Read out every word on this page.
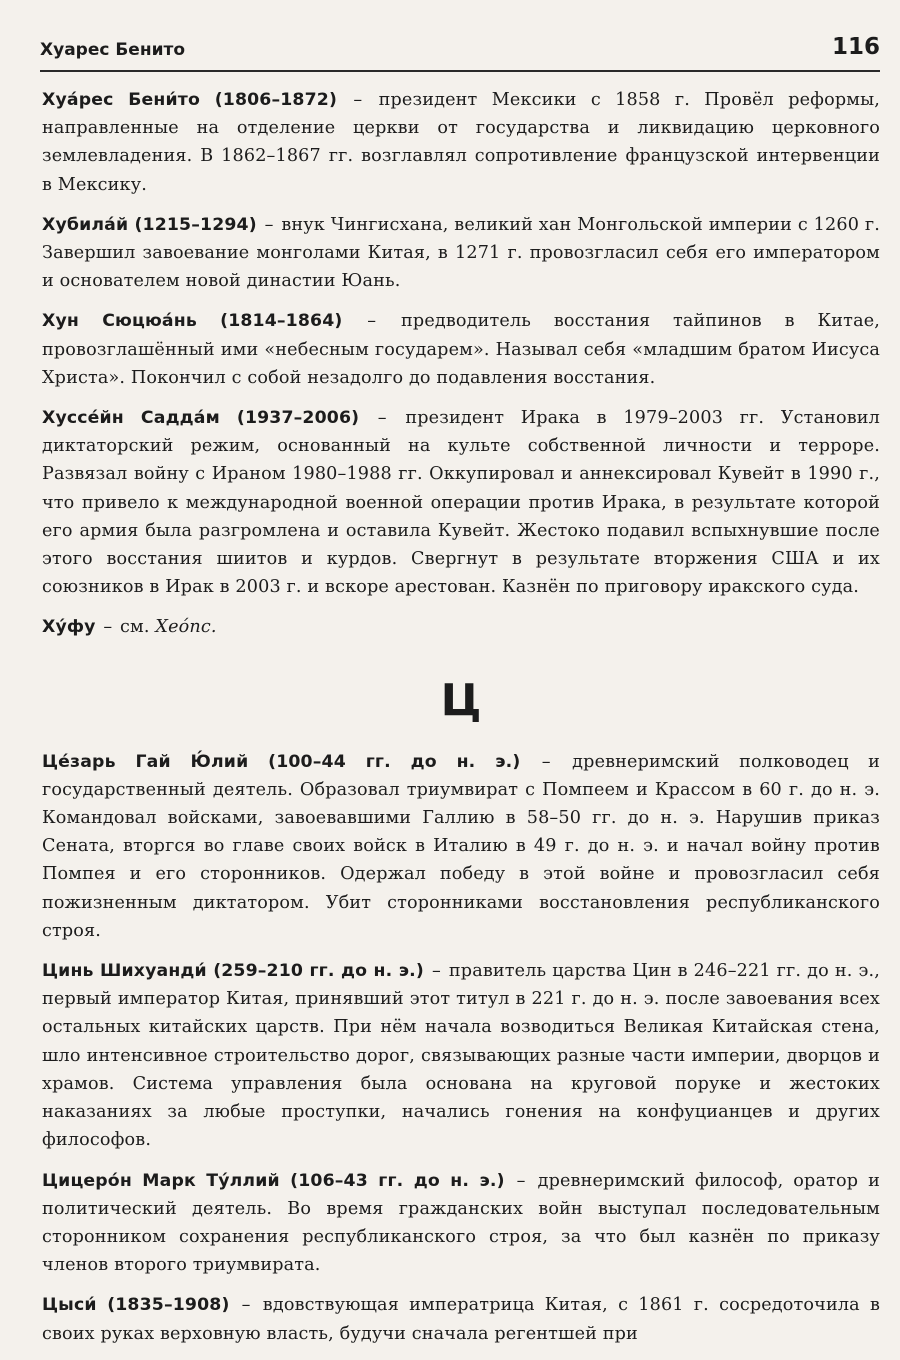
Хуарес Бенито	116

Хуа́рес Бени́то (1806–1872) – президент Мексики с 1858 г. Провёл реформы, направленные на отделение церкви от государства и ликвидацию церковного землевладения. В 1862–1867 гг. возглавлял сопротивление французской интервенции в Мексику.

Хубила́й (1215–1294) – внук Чингисхана, великий хан Монгольской империи с 1260 г. Завершил завоевание монголами Китая, в 1271 г. провозгласил себя его императором и основателем новой династии Юань.

Хун Сюцюа́нь (1814–1864) – предводитель восстания тайпинов в Китае, провозглашённый ими «небесным государем». Называл себя «младшим братом Иисуса Христа». Покончил с собой незадолго до подавления восстания.

Хуссе́йн Садда́м (1937–2006) – президент Ирака в 1979–2003 гг. Установил диктаторский режим, основанный на культе собственной личности и терроре. Развязал войну с Ираном 1980–1988 гг. Оккупировал и аннексировал Кувейт в 1990 г., что привело к международной военной операции против Ирака, в результате которой его армия была разгромлена и оставила Кувейт. Жестоко подавил вспыхнувшие после этого восстания шиитов и курдов. Свергнут в результате вторжения США и их союзников в Ирак в 2003 г. и вскоре арестован. Казнён по приговору иракского суда.

Ху́фу – см. Хео́пс.

Ц

Це́зарь Гай Ю́лий (100–44 гг. до н. э.) – древнеримский полководец и государственный деятель. Образовал триумвират с Помпеем и Крассом в 60 г. до н. э. Командовал войсками, завоевавшими Галлию в 58–50 гг. до н. э. Нарушив приказ Сената, вторгся во главе своих войск в Италию в 49 г. до н. э. и начал войну против Помпея и его сторонников. Одержал победу в этой войне и провозгласил себя пожизненным диктатором. Убит сторонниками восстановления республиканского строя.

Цинь Шихуанди́ (259–210 гг. до н. э.) – правитель царства Цин в 246–221 гг. до н. э., первый император Китая, принявший этот титул в 221 г. до н. э. после завоевания всех остальных китайских царств. При нём начала возводиться Великая Китайская стена, шло интенсивное строительство дорог, связывающих разные части империи, дворцов и храмов. Система управления была основана на круговой поруке и жестоких наказаниях за любые проступки, начались гонения на конфуцианцев и других философов.

Цицеро́н Марк Ту́ллий (106–43 гг. до н. э.) – древнеримский философ, оратор и политический деятель. Во время гражданских войн выступал последовательным сторонником сохранения республиканского строя, за что был казнён по приказу членов второго триумвирата.

Цыси́ (1835–1908) – вдовствующая императрица Китая, с 1861 г. сосредоточила в своих руках верховную власть, будучи сначала регентшей при
